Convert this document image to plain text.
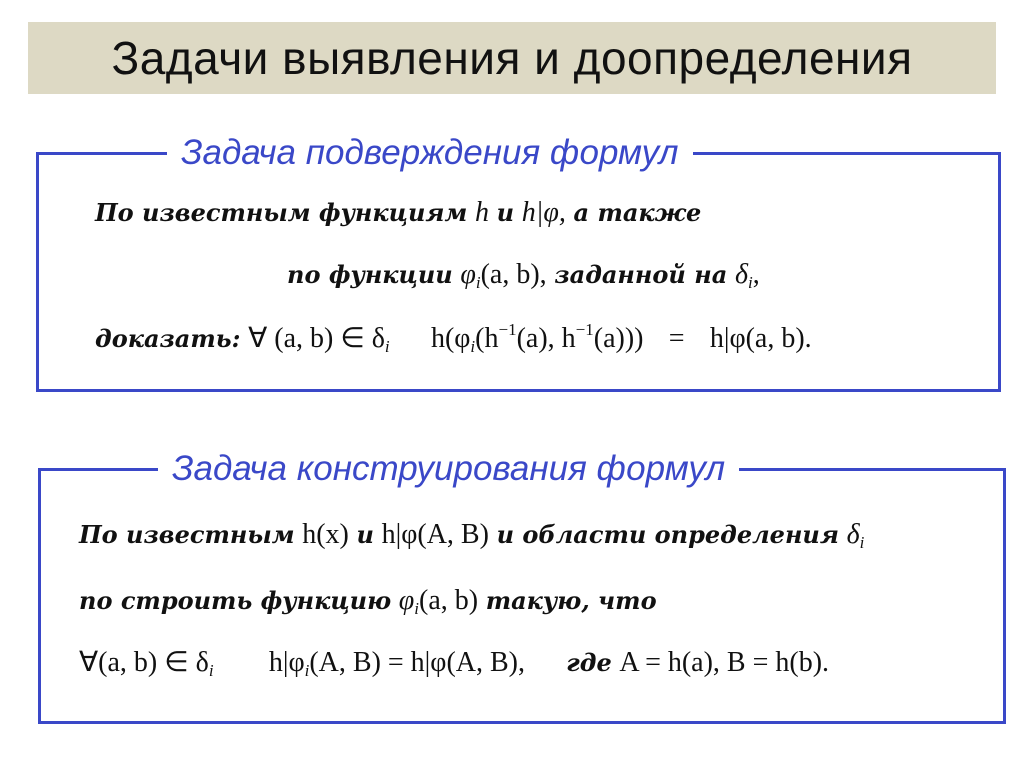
Задачи выявления и доопределения
Задача подверждения формул
По известным функциям h и h|φ, а также
по функции $\varphi_i(a$, b), заданной на $\delta_i$,
доказать: ∀ (a, b) ∈ $\delta_i$ $h(\varphi_i(h^{-1}(a)$, $h^{-1}(a))) = h|\varphi(a$, b).
Задача конструирования формул
По известным h(x) и h|φ(A, B) и области определения $\delta_i$
по строить функцию $\varphi_i(a$, b) такую, что
∀(a, b) ∈ $\delta_i$ $h|\varphi_i(A$, B) = h|φ(A, B), где A = h(a), B = h(b).
